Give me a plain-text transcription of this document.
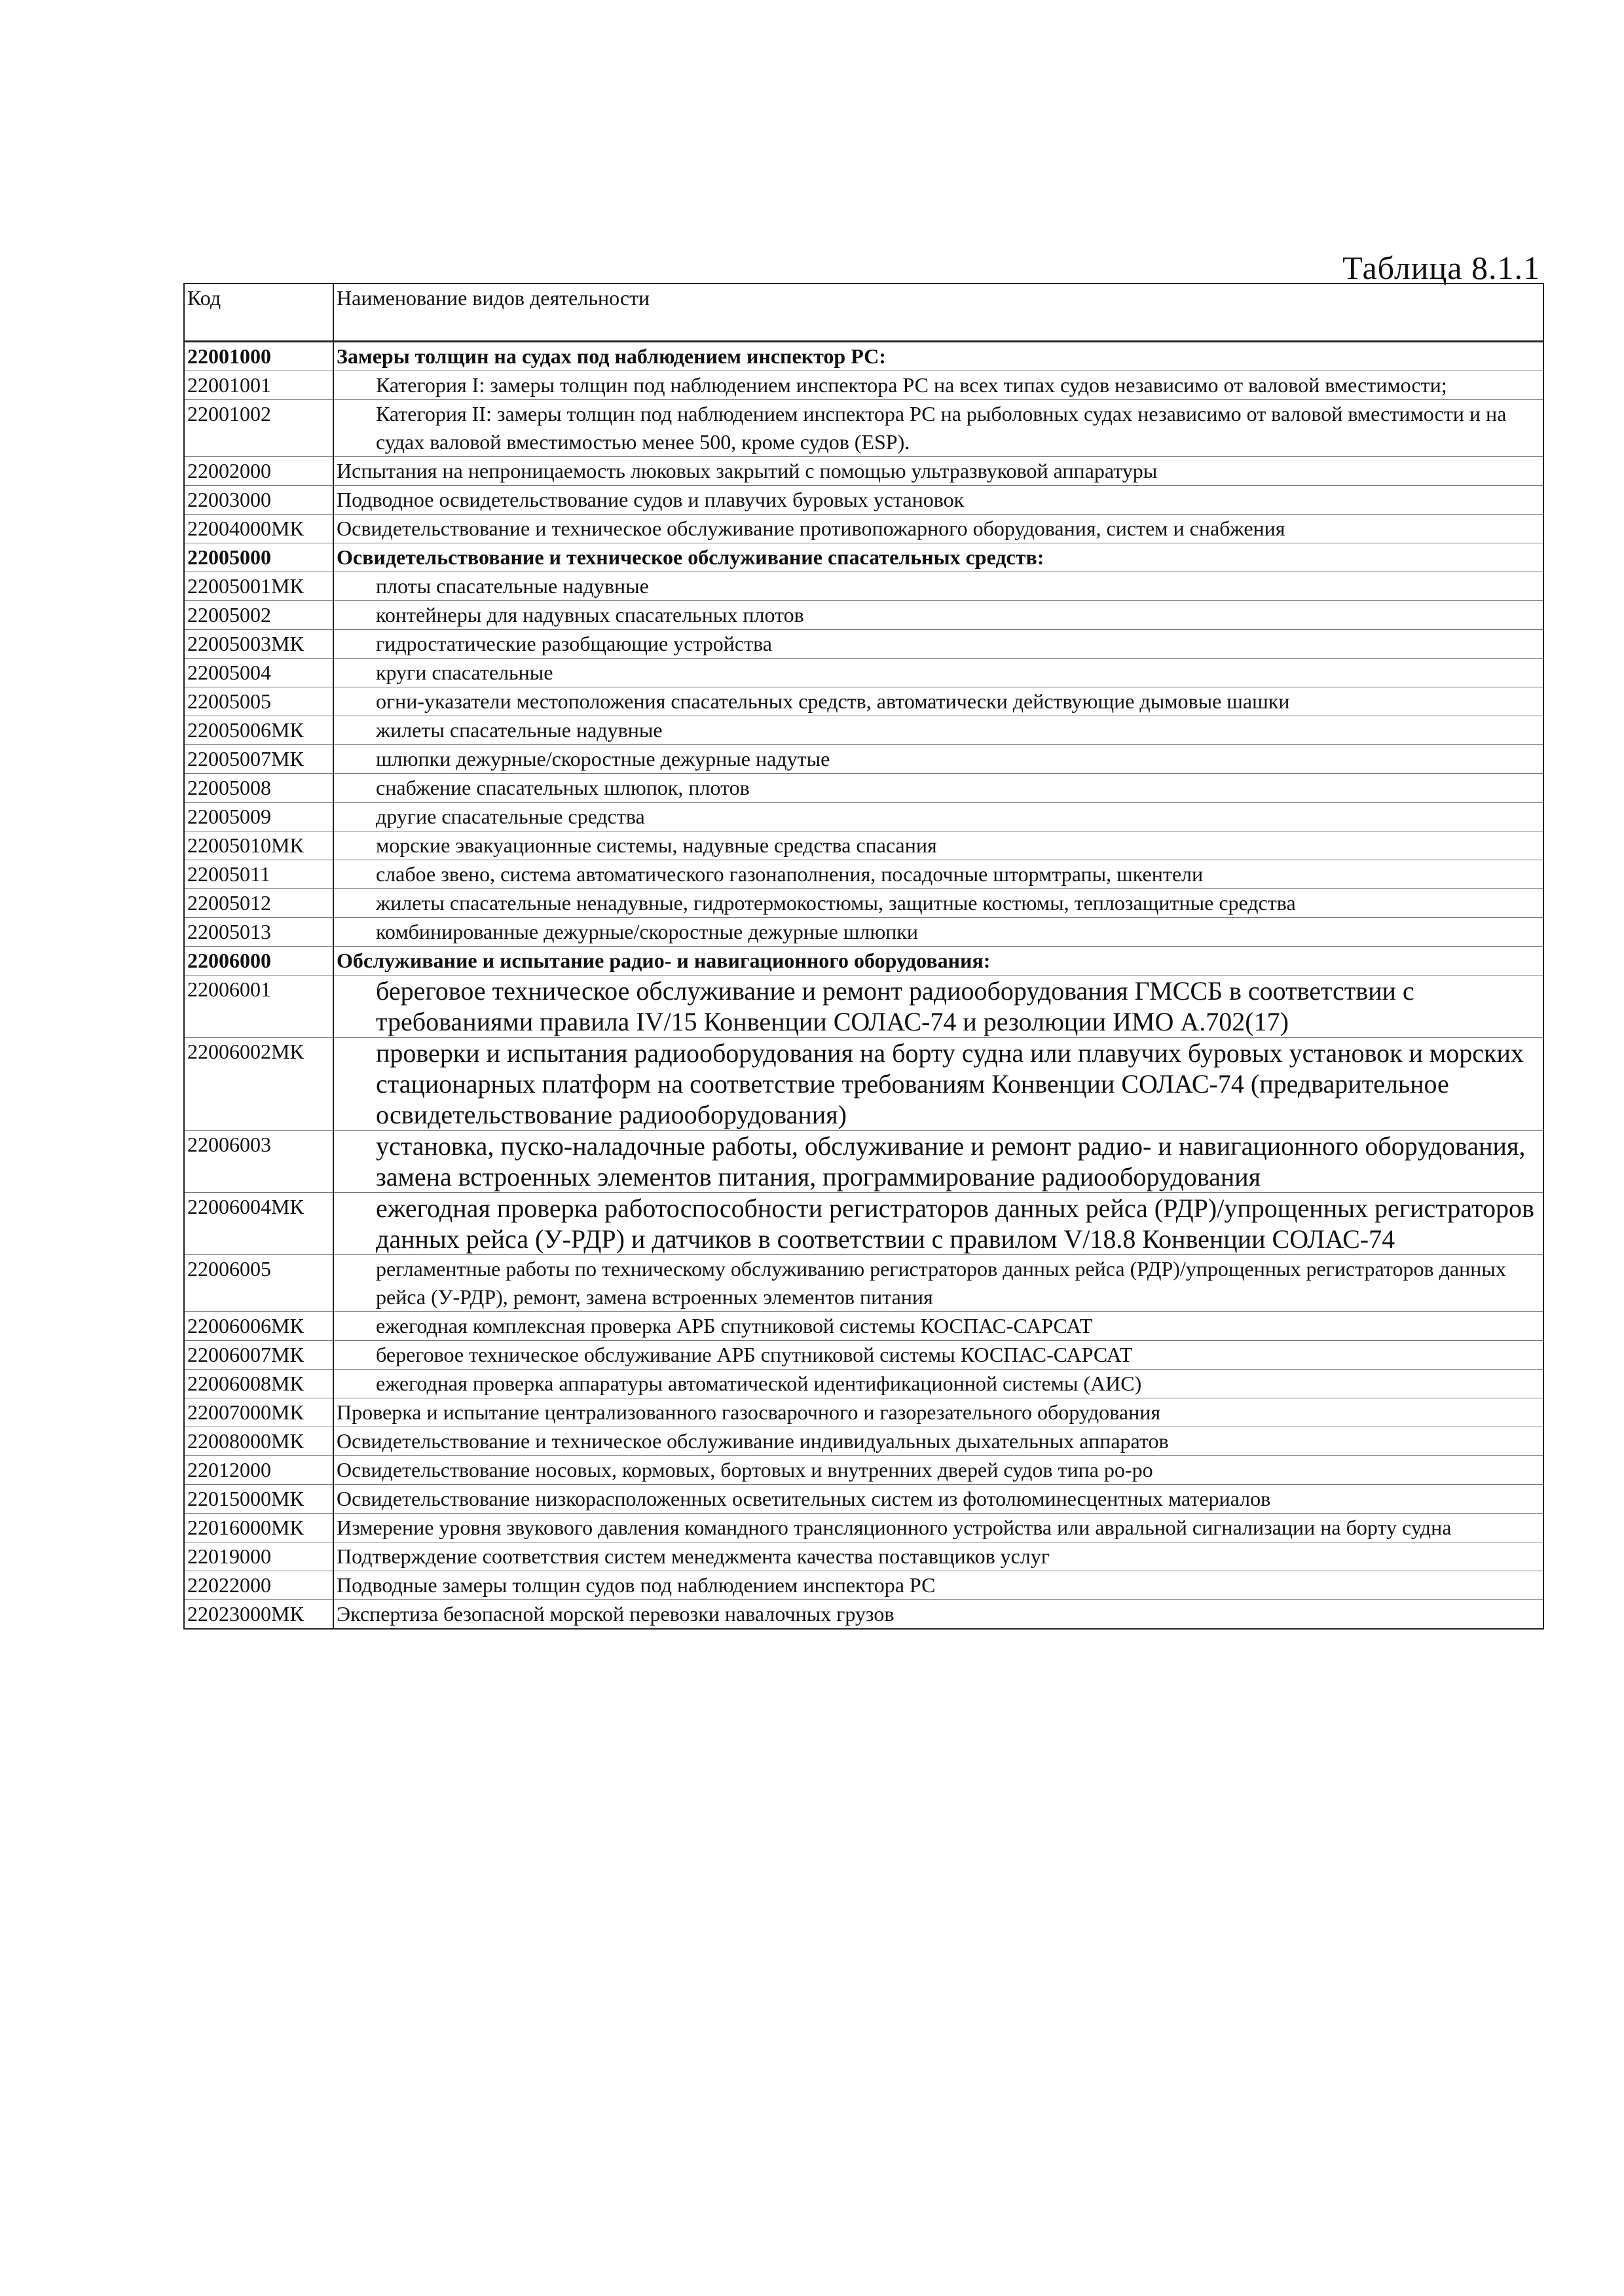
Таблица 8.1.1
Код	Наименование видов деятельности
22001000	Замеры толщин на судах под наблюдением инспектор РС:
22001001	Категория I: замеры толщин под наблюдением инспектора РС на всех типах судов независимо от валовой вместимости;
22001002	Категория II: замеры толщин под наблюдением инспектора РС на рыболовных судах независимо от валовой вместимости и на судах валовой вместимостью менее 500, кроме судов (ESP).
22002000	Испытания на непроницаемость люковых закрытий с помощью ультразвуковой аппаратуры
22003000	Подводное освидетельствование судов и плавучих буровых установок
22004000МК	Освидетельствование и техническое обслуживание противопожарного оборудования, систем и снабжения
22005000	Освидетельствование и техническое обслуживание спасательных средств:
22005001МК	плоты спасательные надувные
22005002	контейнеры для надувных спасательных плотов
22005003МК	гидростатические разобщающие устройства
22005004	круги спасательные
22005005	огни-указатели местоположения спасательных средств, автоматически действующие дымовые шашки
22005006МК	жилеты спасательные надувные
22005007МК	шлюпки дежурные/скоростные дежурные надутые
22005008	снабжение спасательных шлюпок, плотов
22005009	другие спасательные средства
22005010МК	морские эвакуационные системы, надувные средства спасания
22005011	слабое звено, система автоматического газонаполнения, посадочные штормтрапы, шкентели
22005012	жилеты спасательные ненадувные, гидротермокостюмы, защитные костюмы, теплозащитные средства
22005013	комбинированные дежурные/скоростные дежурные шлюпки
22006000	Обслуживание и испытание радио- и навигационного оборудования:
22006001	береговое техническое обслуживание и ремонт радиооборудования ГМССБ в соответствии с требованиями правила IV/15 Конвенции СОЛАС-74 и резолюции ИМО А.702(17)
22006002МК	проверки и испытания радиооборудования на борту судна или плавучих буровых установок и морских стационарных платформ на соответствие требованиям Конвенции СОЛАС-74 (предварительное освидетельствование радиооборудования)
22006003	установка, пуско-наладочные работы, обслуживание и ремонт радио- и навигационного оборудования, замена встроенных элементов питания, программирование радиооборудования
22006004МК	ежегодная проверка работоспособности регистраторов данных рейса (РДР)/упрощенных регистраторов данных рейса (У-РДР) и датчиков в соответствии с правилом V/18.8 Конвенции СОЛАС-74
22006005	регламентные работы по техническому обслуживанию регистраторов данных рейса (РДР)/упрощенных регистраторов данных рейса (У-РДР), ремонт, замена встроенных элементов питания
22006006МК	ежегодная комплексная проверка АРБ спутниковой системы КОСПАС-САРСАТ
22006007МК	береговое техническое обслуживание АРБ спутниковой системы КОСПАС-САРСАТ
22006008МК	ежегодная проверка аппаратуры автоматической идентификационной системы (АИС)
22007000МК	Проверка и испытание централизованного газосварочного и газорезательного оборудования
22008000МК	Освидетельствование и техническое обслуживание индивидуальных дыхательных аппаратов
22012000	Освидетельствование носовых, кормовых, бортовых и внутренних дверей судов типа ро-ро
22015000МК	Освидетельствование низкорасположенных осветительных систем из фотолюминесцентных материалов
22016000МК	Измерение уровня звукового давления командного трансляционного устройства или авральной сигнализации на борту судна
22019000	Подтверждение соответствия систем менеджмента качества поставщиков услуг
22022000	Подводные замеры толщин судов под наблюдением инспектора РС
22023000МК	Экспертиза безопасной морской перевозки навалочных грузов
